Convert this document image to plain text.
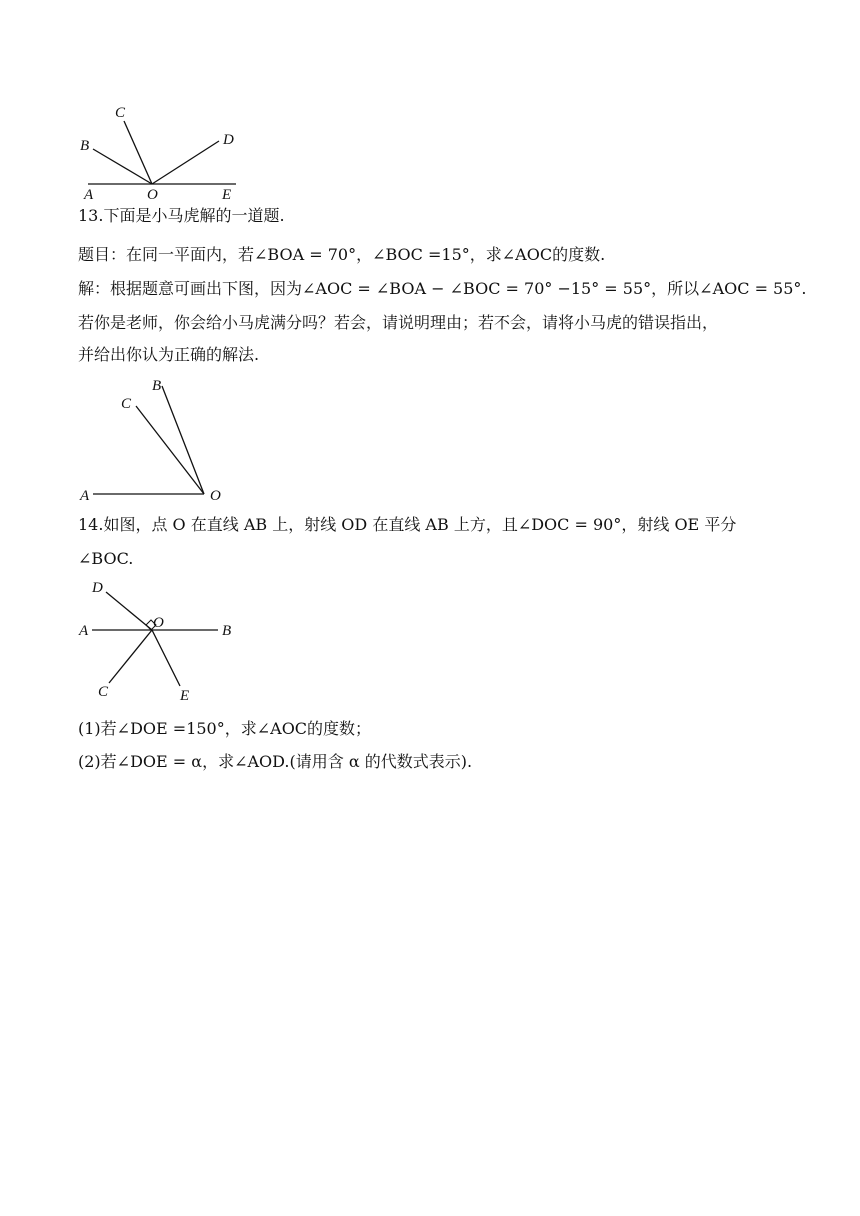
C
B	D
A	O	E
13.下面是小马虎解的一道题.
题目：在同一平面内，若∠BOA = 70°，∠BOC =15°，求∠AOC的度数.
解：根据题意可画出下图，因为∠AOC = ∠BOA − ∠BOC = 70° −15° = 55°，所以∠AOC = 55°.
若你是老师，你会给小马虎满分吗？若会，请说明理由；若不会，请将小马虎的错误指出，
并给出你认为正确的解法.
B
C
A	O
14.如图，点 O 在直线 AB 上，射线 OD 在直线 AB 上方，且∠DOC = 90°，射线 OE 平分
∠BOC.
D
O
A	B
C	E
(1)若∠DOE =150°，求∠AOC的度数；
(2)若∠DOE = α，求∠AOD.(请用含 α 的代数式表示).
